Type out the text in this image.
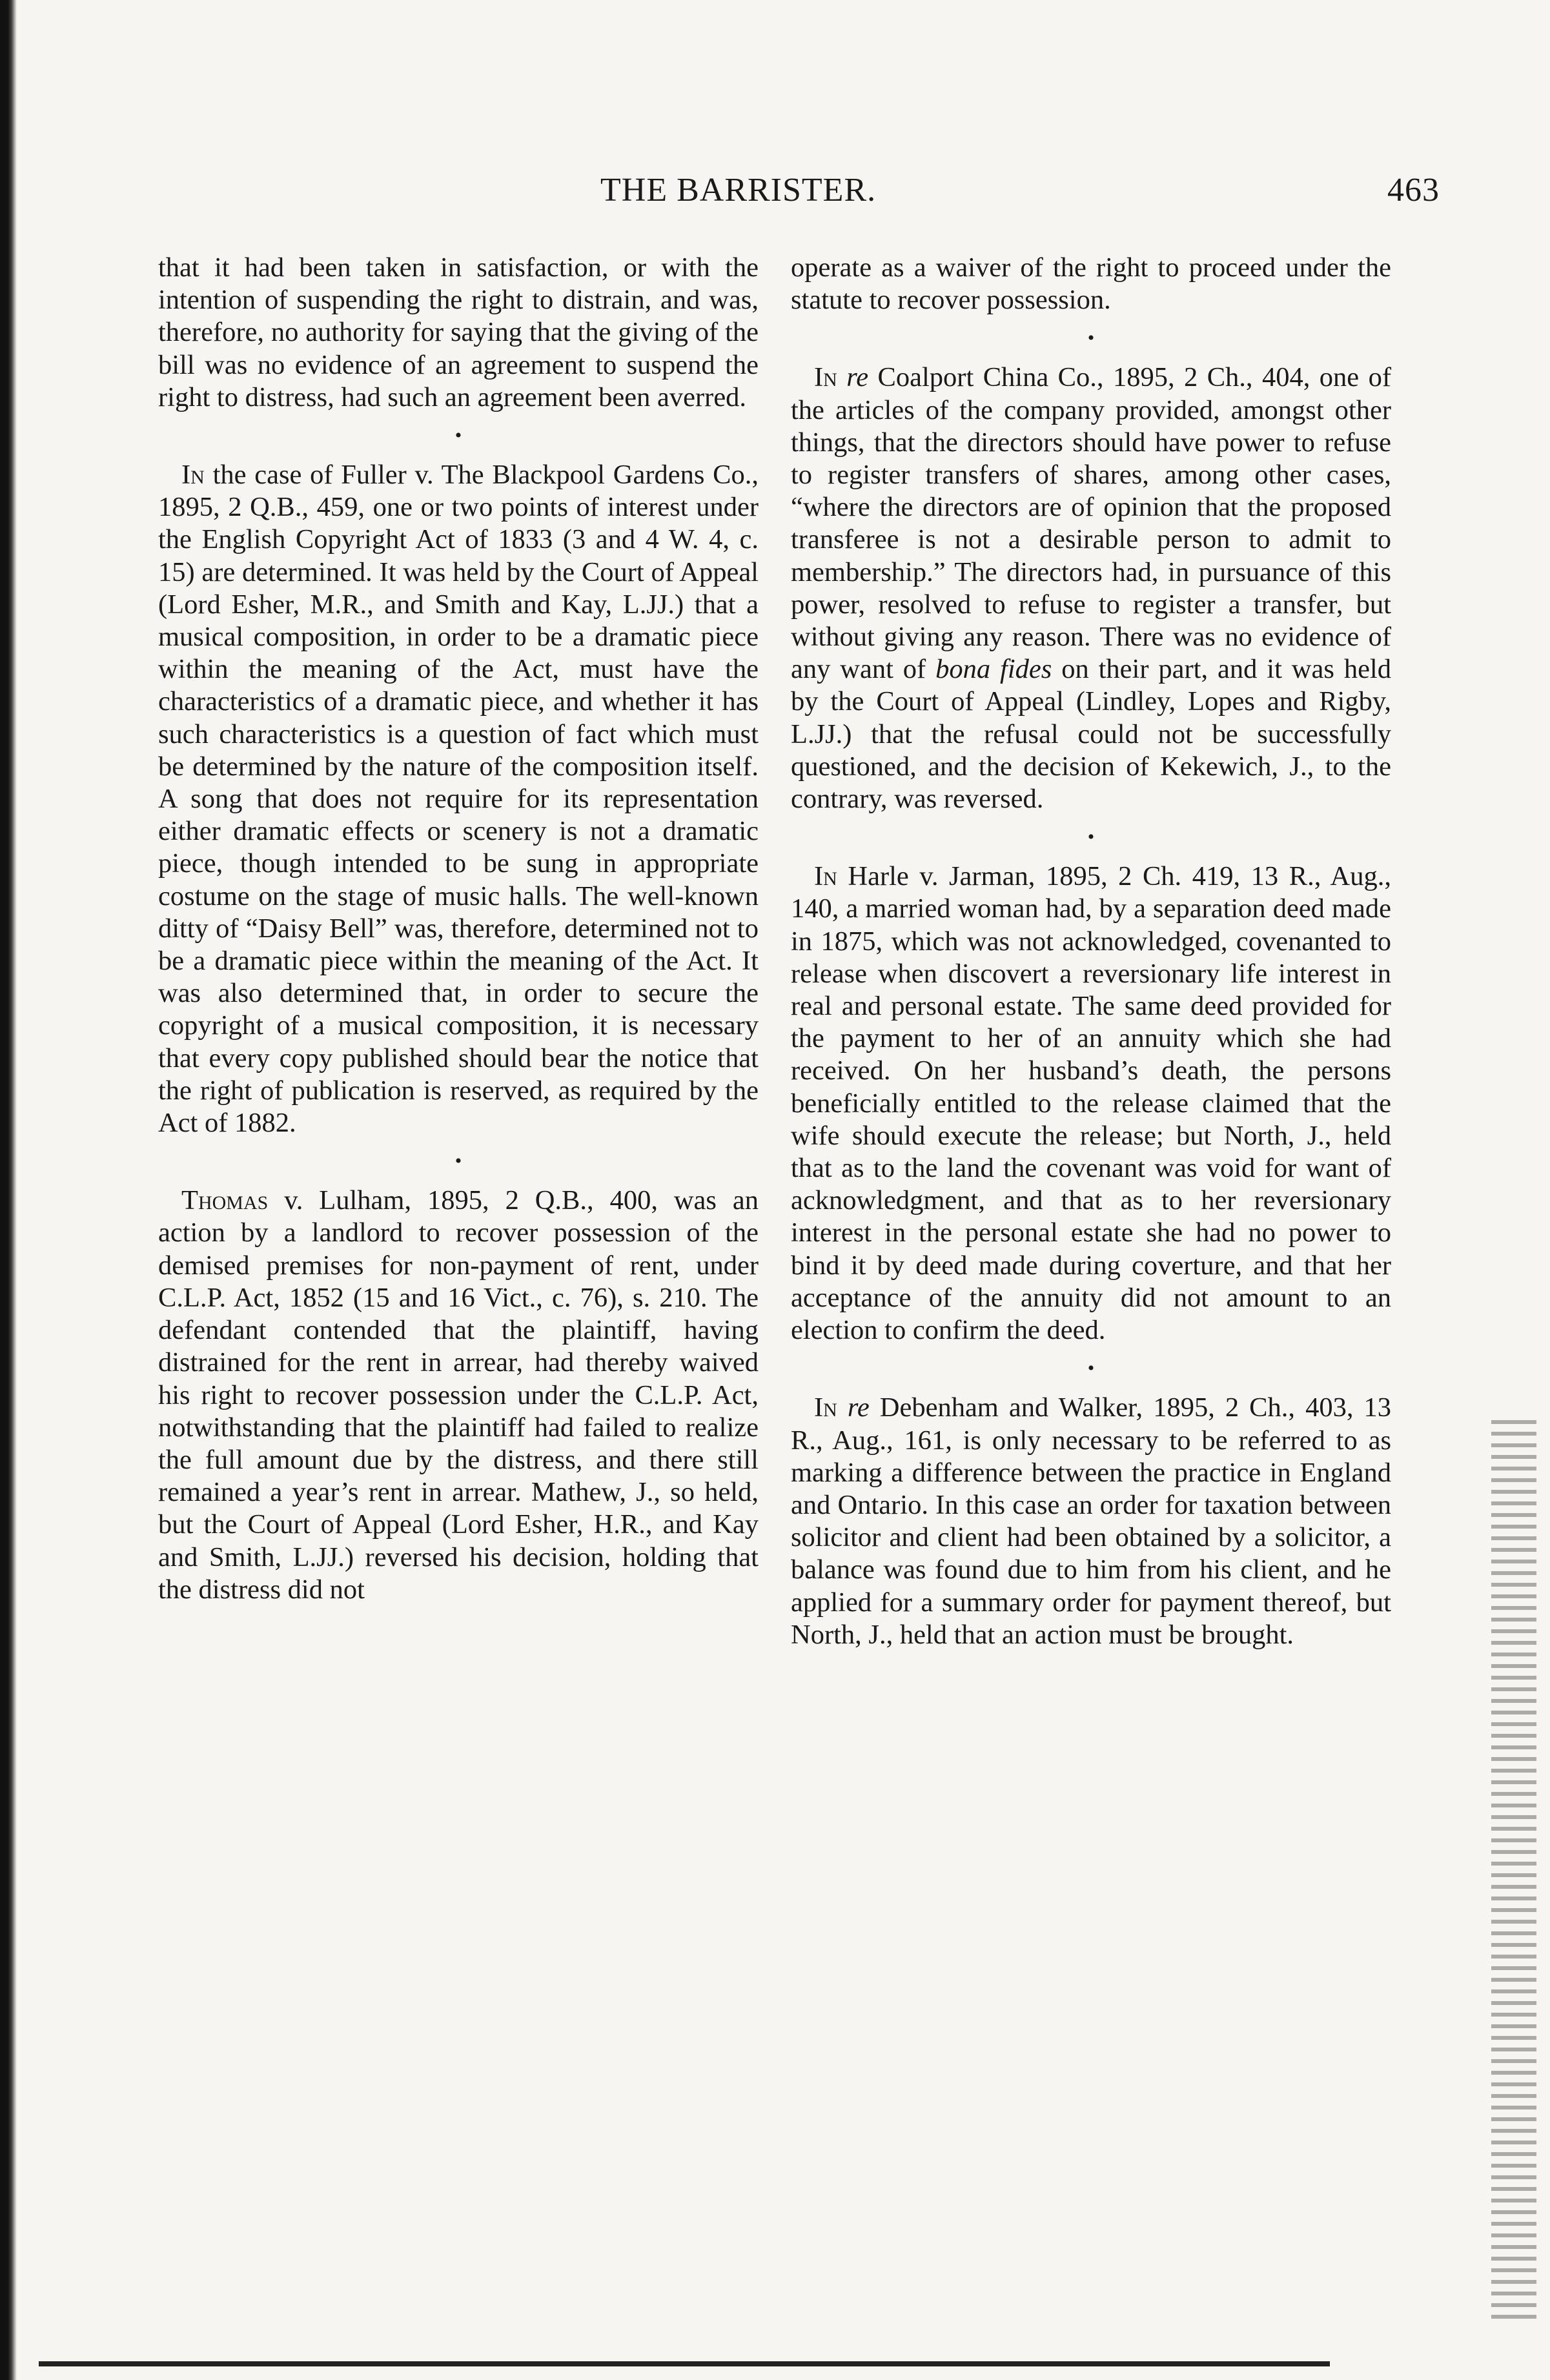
THE BARRISTER.	463

that it had been taken in satisfaction, or with the intention of suspending the right to distrain, and was, therefore, no authority for saying that the giving of the bill was no evidence of an agreement to suspend the right to distress, had such an agreement been averred.

•

In the case of Fuller v. The Blackpool Gardens Co., 1895, 2 Q.B., 459, one or two points of interest under the English Copyright Act of 1833 (3 and 4 W. 4, c. 15) are determined. It was held by the Court of Appeal (Lord Esher, M.R., and Smith and Kay, L.JJ.) that a musical composition, in order to be a dramatic piece within the meaning of the Act, must have the characteristics of a dramatic piece, and whether it has such characteristics is a question of fact which must be determined by the nature of the composition itself. A song that does not require for its representation either dramatic effects or scenery is not a dramatic piece, though intended to be sung in appropriate costume on the stage of music halls. The well-known ditty of “Daisy Bell” was, therefore, determined not to be a dramatic piece within the meaning of the Act. It was also determined that, in order to secure the copyright of a musical composition, it is necessary that every copy published should bear the notice that the right of publication is reserved, as required by the Act of 1882.

•

Thomas v. Lulham, 1895, 2 Q.B., 400, was an action by a landlord to recover possession of the demised premises for non-payment of rent, under C.L.P. Act, 1852 (15 and 16 Vict., c. 76), s. 210. The defendant contended that the plaintiff, having distrained for the rent in arrear, had thereby waived his right to recover possession under the C.L.P. Act, notwithstanding that the plaintiff had failed to realize the full amount due by the distress, and there still remained a year’s rent in arrear. Mathew, J., so held, but the Court of Appeal (Lord Esher, H.R., and Kay and Smith, L.JJ.) reversed his decision, holding that the distress did not

operate as a waiver of the right to proceed under the statute to recover possession.

•

In re Coalport China Co., 1895, 2 Ch., 404, one of the articles of the company provided, amongst other things, that the directors should have power to refuse to register transfers of shares, among other cases, “where the directors are of opinion that the proposed transferee is not a desirable person to admit to membership.” The directors had, in pursuance of this power, resolved to refuse to register a transfer, but without giving any reason. There was no evidence of any want of bona fides on their part, and it was held by the Court of Appeal (Lindley, Lopes and Rigby, L.JJ.) that the refusal could not be successfully questioned, and the decision of Kekewich, J., to the contrary, was reversed.

•

In Harle v. Jarman, 1895, 2 Ch. 419, 13 R., Aug., 140, a married woman had, by a separation deed made in 1875, which was not acknowledged, covenanted to release when discovert a reversionary life interest in real and personal estate. The same deed provided for the payment to her of an annuity which she had received. On her husband’s death, the persons beneficially entitled to the release claimed that the wife should execute the release; but North, J., held that as to the land the covenant was void for want of acknowledgment, and that as to her reversionary interest in the personal estate she had no power to bind it by deed made during coverture, and that her acceptance of the annuity did not amount to an election to confirm the deed.

•

In re Debenham and Walker, 1895, 2 Ch., 403, 13 R., Aug., 161, is only necessary to be referred to as marking a difference between the practice in England and Ontario. In this case an order for taxation between solicitor and client had been obtained by a solicitor, a balance was found due to him from his client, and he applied for a summary order for payment thereof, but North, J., held that an action must be brought.
